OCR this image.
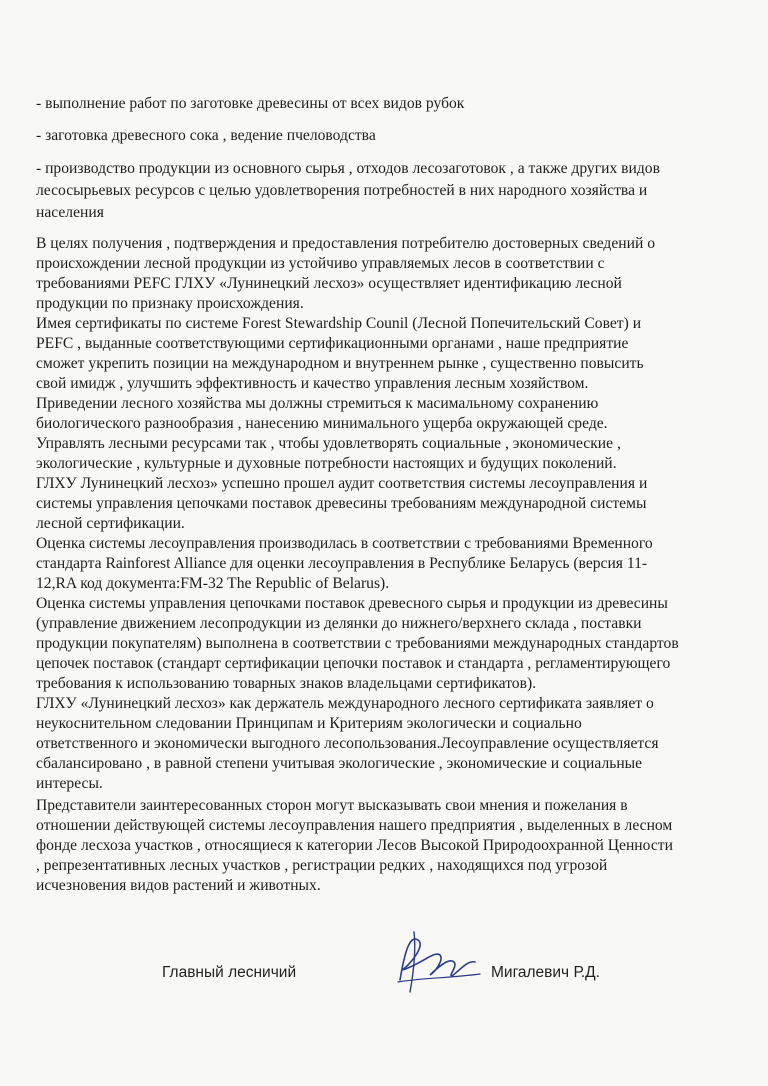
- выполнение работ по заготовке древесины от всех видов рубок

- заготовка древесного сока , ведение пчеловодства

- производство продукции из основного сырья , отходов лесозаготовок , а также других видов

лесосырьевых ресурсов с целью удовлетворения потребностей в них народного хозяйства и

населения

В целях получения , подтверждения и предоставления потребителю достоверных сведений о

происхождении лесной продукции из устойчиво управляемых лесов в соответствии с

требованиями PEFC ГЛХУ «Лунинецкий лесхоз» осуществляет идентификацию лесной

продукции по признаку происхождения.

Имея сертификаты по системе Forest Stewardship Counil (Лесной Попечительский Совет) и

PEFC , выданные соответствующими сертификационными органами , наше предприятие

сможет укрепить позиции на международном и внутреннем рынке , существенно повысить

свой имидж , улучшить эффективность и качество управления лесным хозяйством.

Приведении лесного хозяйства мы должны стремиться к масимальному сохранению

биологического разнообразия , нанесению минимального ущерба окружающей среде.

Управлять лесными ресурсами так , чтобы удовлетворять социальные , экономические ,

экологические , культурные и духовные потребности настоящих и будущих поколений.

ГЛХУ Лунинецкий лесхоз» успешно прошел аудит соответствия системы лесоуправления и

системы управления цепочками поставок древесины требованиям международной системы

лесной сертификации.

Оценка системы лесоуправления производилась в соответствии с требованиями Временного

стандарта Rainforest Alliance для оценки лесоуправления в Республике Беларусь (версия 11-

12,RA код документа:FM-32 The Republic of Belarus).

Оценка системы управления цепочками поставок древесного сырья и продукции из древесины

(управление движением лесопродукции из делянки до нижнего/верхнего склада , поставки

продукции покупателям) выполнена в соответствии с требованиями международных стандартов

цепочек поставок (стандарт сертификации цепочки поставок и стандарта , регламентирующего

требования к использованию товарных знаков владельцами сертификатов).

ГЛХУ «Лунинецкий лесхоз» как держатель международного лесного сертификата заявляет о

неукоснительном следовании Принципам и Критериям экологически и социально

ответственного и экономически выгодного лесопользования.Лесоуправление осуществляется

сбалансировано , в равной степени учитывая экологические , экономические и социальные

интересы.

Представители заинтересованных сторон могут высказывать свои мнения и пожелания в

отношении действующей системы лесоуправления нашего предприятия , выделенных в лесном

фонде лесхоза участков , относящиеся к категории Лесов Высокой Природоохранной Ценности

, репрезентативных лесных участков , регистрации редких , находящихся под угрозой

исчезновения видов растений и животных.

Главный лесничий	Мигалевич Р.Д.
